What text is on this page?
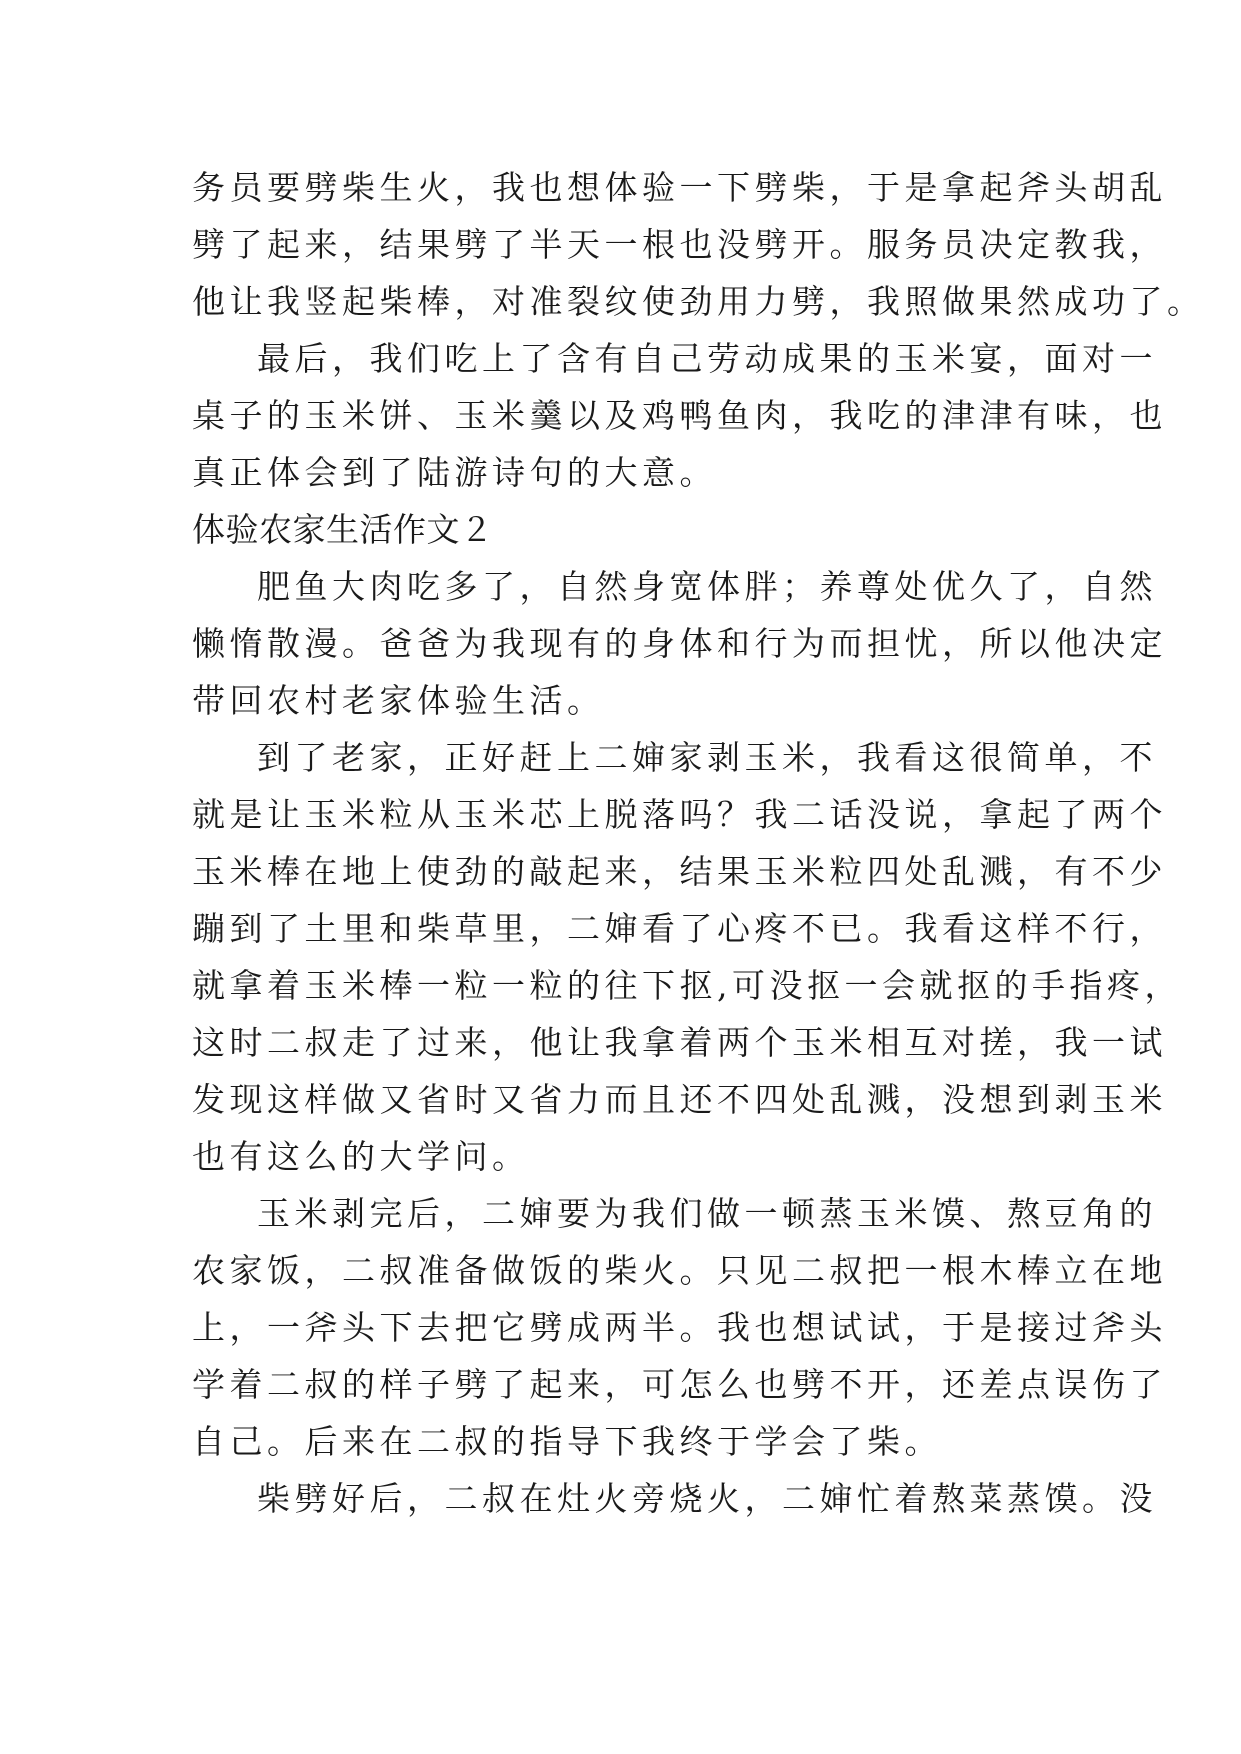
务员要劈柴生火，我也想体验一下劈柴，于是拿起斧头胡乱
劈了起来，结果劈了半天一根也没劈开。服务员决定教我，
他让我竖起柴棒，对准裂纹使劲用力劈，我照做果然成功了。
最后，我们吃上了含有自己劳动成果的玉米宴，面对一
桌子的玉米饼、玉米羹以及鸡鸭鱼肉，我吃的津津有味，也
真正体会到了陆游诗句的大意。
体验农家生活作文２
肥鱼大肉吃多了，自然身宽体胖；养尊处优久了，自然
懒惰散漫。爸爸为我现有的身体和行为而担忧，所以他决定
带回农村老家体验生活。
到了老家，正好赶上二婶家剥玉米，我看这很简单，不
就是让玉米粒从玉米芯上脱落吗？我二话没说，拿起了两个
玉米棒在地上使劲的敲起来，结果玉米粒四处乱溅，有不少
蹦到了土里和柴草里，二婶看了心疼不已。我看这样不行，
就拿着玉米棒一粒一粒的往下抠,可没抠一会就抠的手指疼，
这时二叔走了过来，他让我拿着两个玉米相互对搓，我一试
发现这样做又省时又省力而且还不四处乱溅，没想到剥玉米
也有这么的大学问。
玉米剥完后，二婶要为我们做一顿蒸玉米馍、熬豆角的
农家饭，二叔准备做饭的柴火。只见二叔把一根木棒立在地
上，一斧头下去把它劈成两半。我也想试试，于是接过斧头
学着二叔的样子劈了起来，可怎么也劈不开，还差点误伤了
自己。后来在二叔的指导下我终于学会了柴。
柴劈好后，二叔在灶火旁烧火，二婶忙着熬菜蒸馍。没
